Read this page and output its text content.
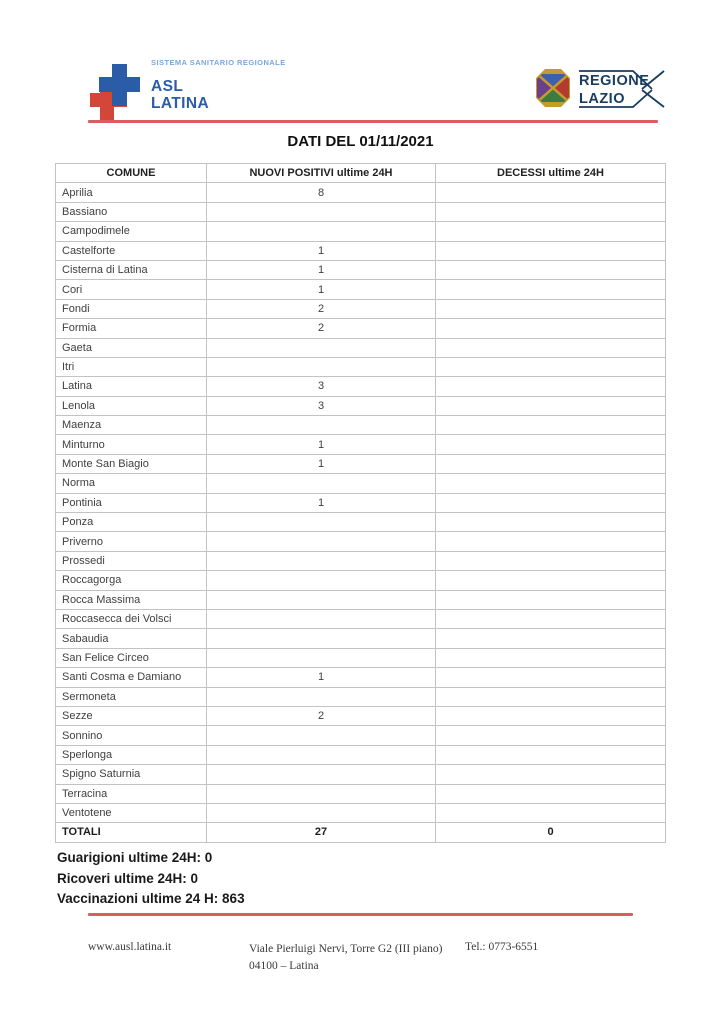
SISTEMA SANITARIO REGIONALE
ASL
LATINA
REGIONE
LAZIO
DATI DEL 01/11/2021
COMUNE	NUOVI POSITIVI ultime 24H	DECESSI ultime 24H
Aprilia	8	
Bassiano		
Campodimele		
Castelforte	1	
Cisterna di Latina	1	
Cori	1	
Fondi	2	
Formia	2	
Gaeta		
Itri		
Latina	3	
Lenola	3	
Maenza		
Minturno	1	
Monte San Biagio	1	
Norma		
Pontinia	1	
Ponza		
Priverno		
Prossedi		
Roccagorga		
Rocca Massima		
Roccasecca dei Volsci		
Sabaudia		
San Felice Circeo		
Santi Cosma e Damiano	1	
Sermoneta		
Sezze	2	
Sonnino		
Sperlonga		
Spigno Saturnia		
Terracina		
Ventotene		
TOTALI	27	0
Guarigioni ultime 24H: 0
Ricoveri ultime 24H: 0
Vaccinazioni ultime 24 H: 863
www.ausl.latina.it	Viale Pierluigi Nervi, Torre G2 (III piano)
04100 – Latina
Tel.: 0773-6551
